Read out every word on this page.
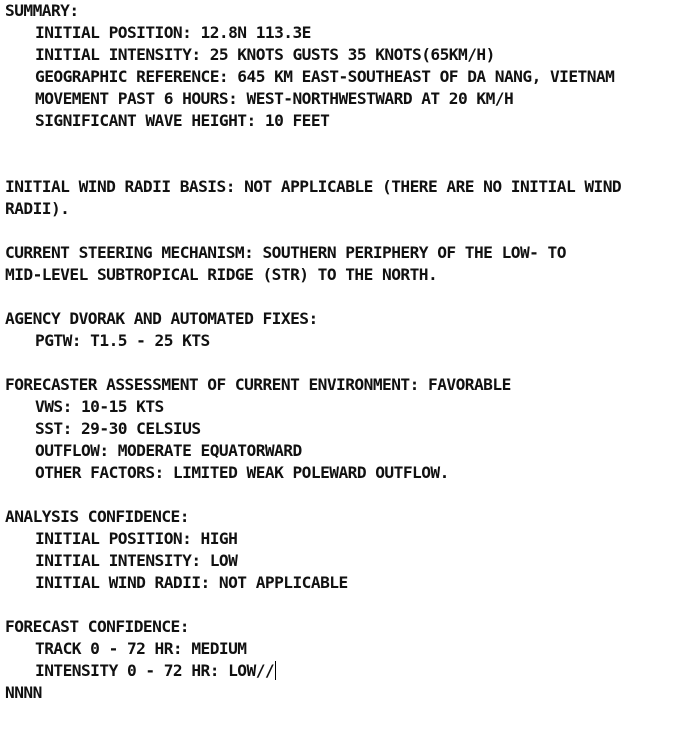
SUMMARY:
INITIAL POSITION: 12.8N 113.3E
INITIAL INTENSITY: 25 KNOTS GUSTS 35 KNOTS(65KM/H)
GEOGRAPHIC REFERENCE: 645 KM EAST-SOUTHEAST OF DA NANG, VIETNAM
MOVEMENT PAST 6 HOURS: WEST-NORTHWESTWARD AT 20 KM/H
SIGNIFICANT WAVE HEIGHT: 10 FEET
INITIAL WIND RADII BASIS: NOT APPLICABLE (THERE ARE NO INITIAL WIND
RADII).
CURRENT STEERING MECHANISM: SOUTHERN PERIPHERY OF THE LOW- TO
MID-LEVEL SUBTROPICAL RIDGE (STR) TO THE NORTH.
AGENCY DVORAK AND AUTOMATED FIXES:
PGTW: T1.5 - 25 KTS
FORECASTER ASSESSMENT OF CURRENT ENVIRONMENT: FAVORABLE
VWS: 10-15 KTS
SST: 29-30 CELSIUS
OUTFLOW: MODERATE EQUATORWARD
OTHER FACTORS: LIMITED WEAK POLEWARD OUTFLOW.
ANALYSIS CONFIDENCE:
INITIAL POSITION: HIGH
INITIAL INTENSITY: LOW
INITIAL WIND RADII: NOT APPLICABLE
FORECAST CONFIDENCE:
TRACK 0 - 72 HR: MEDIUM
INTENSITY 0 - 72 HR: LOW//
NNNN
